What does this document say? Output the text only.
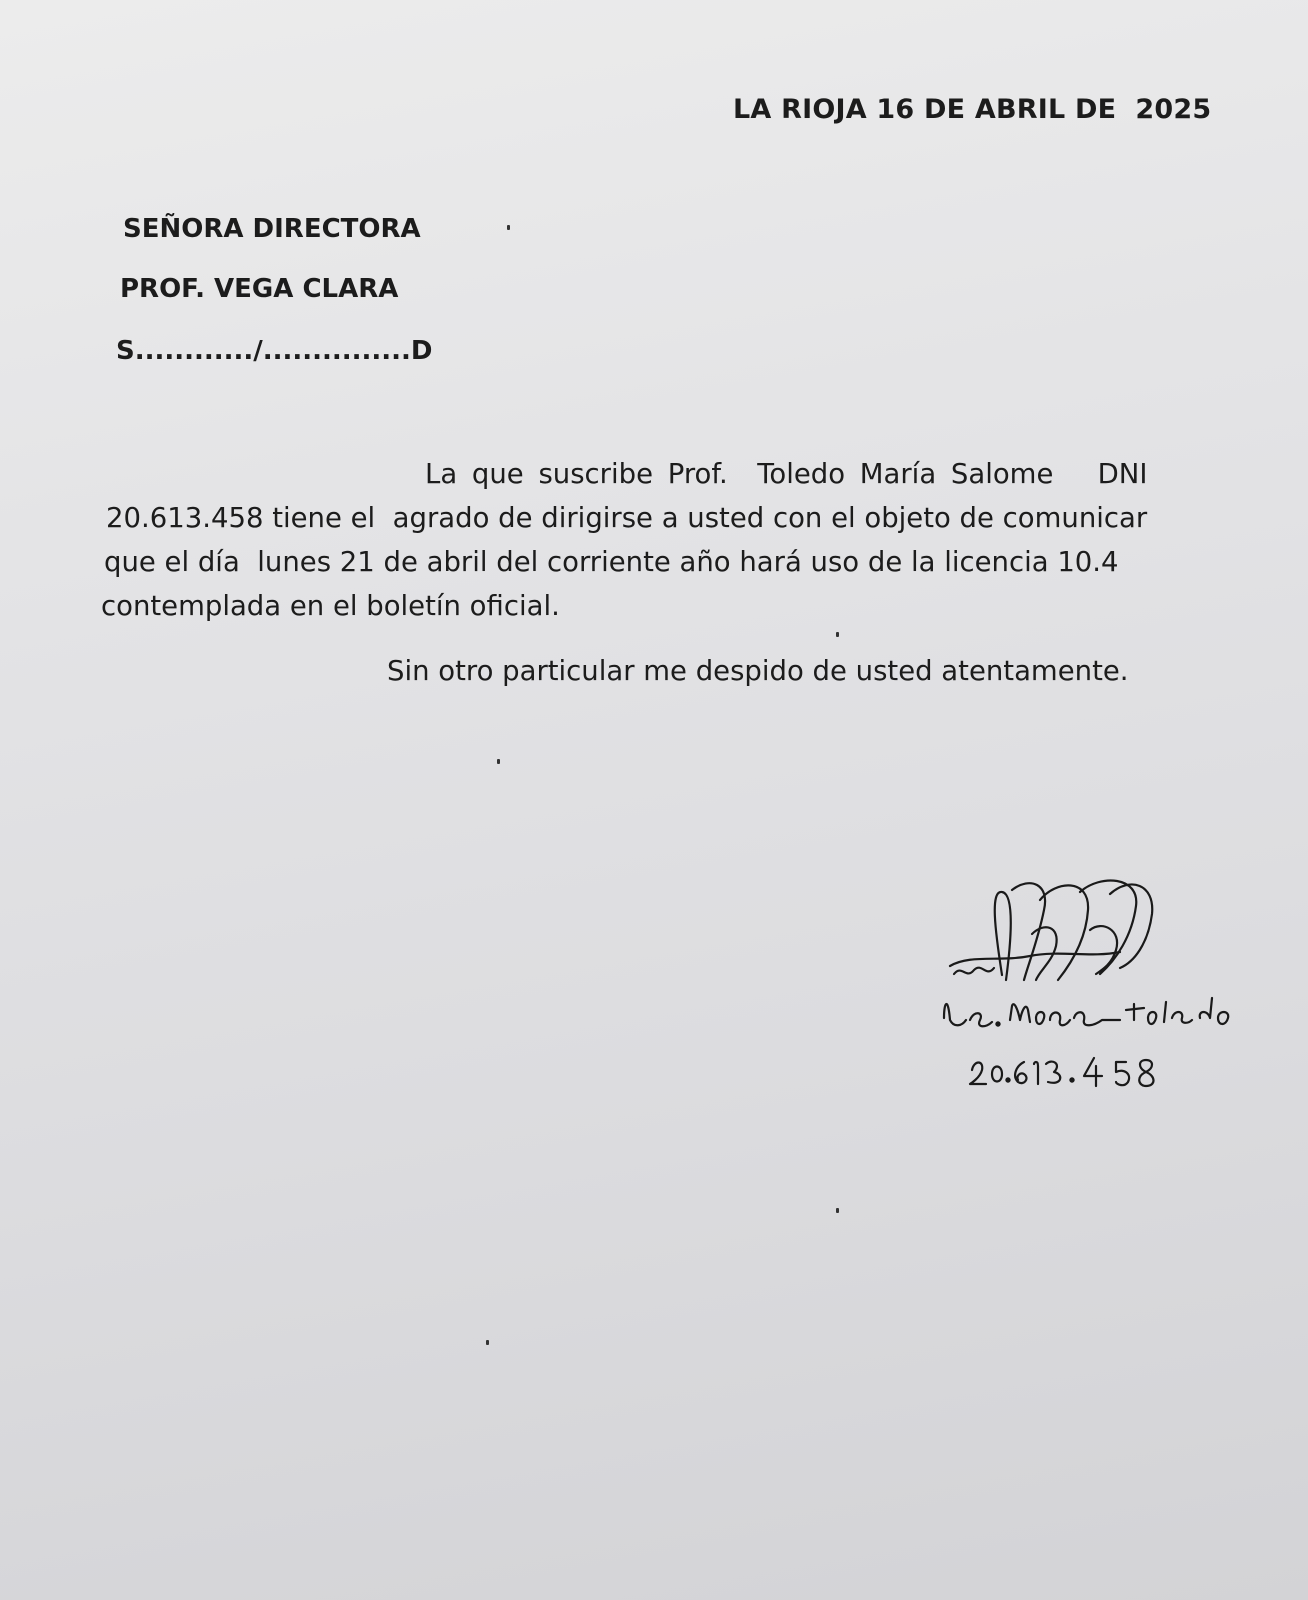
LA RIOJA 16 DE ABRIL DE  2025
SEÑORA DIRECTORA
PROF. VEGA CLARA
S............/...............D
La que suscribe Prof.  Toledo María Salome   DNI
20.613.458 tiene el  agrado de dirigirse a usted con el objeto de comunicar
que el día  lunes 21 de abril del corriente año hará uso de la licencia 10.4
contemplada en el boletín oficial.
Sin otro particular me despido de usted atentamente.
